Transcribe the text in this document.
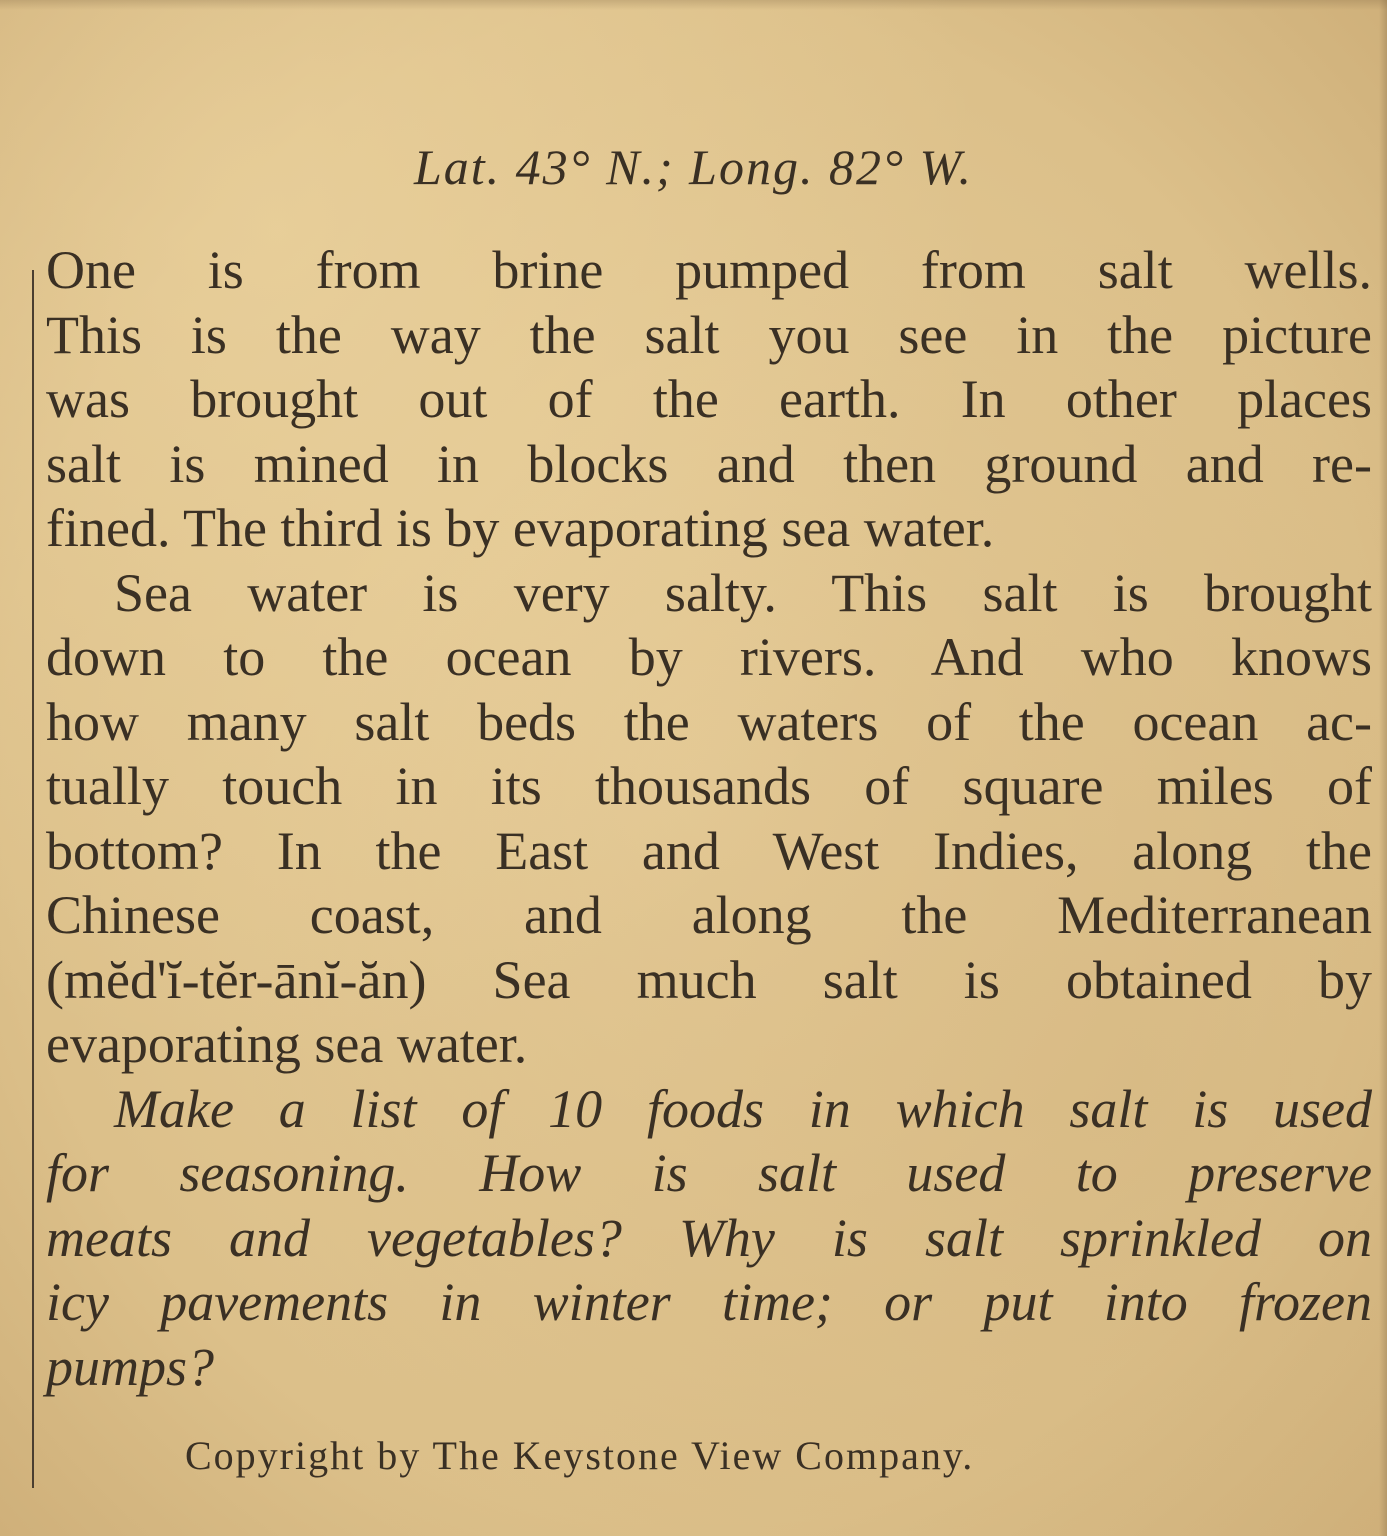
Lat. 43° N.; Long. 82° W.
One is from brine pumped from salt wells.
This is the way the salt you see in the picture
was brought out of the earth. In other places
salt is mined in blocks and then ground and re-
fined. The third is by evaporating sea water.
Sea water is very salty. This salt is brought
down to the ocean by rivers. And who knows
how many salt beds the waters of the ocean ac-
tually touch in its thousands of square miles of
bottom? In the East and West Indies, along the
Chinese coast, and along the Mediterranean
(mĕd'ĭ-tĕr-ānĭ-ăn) Sea much salt is obtained by
evaporating sea water.
Make a list of 10 foods in which salt is used
for seasoning. How is salt used to preserve
meats and vegetables? Why is salt sprinkled on
icy pavements in winter time; or put into frozen
pumps?
Copyright by The Keystone View Company.
